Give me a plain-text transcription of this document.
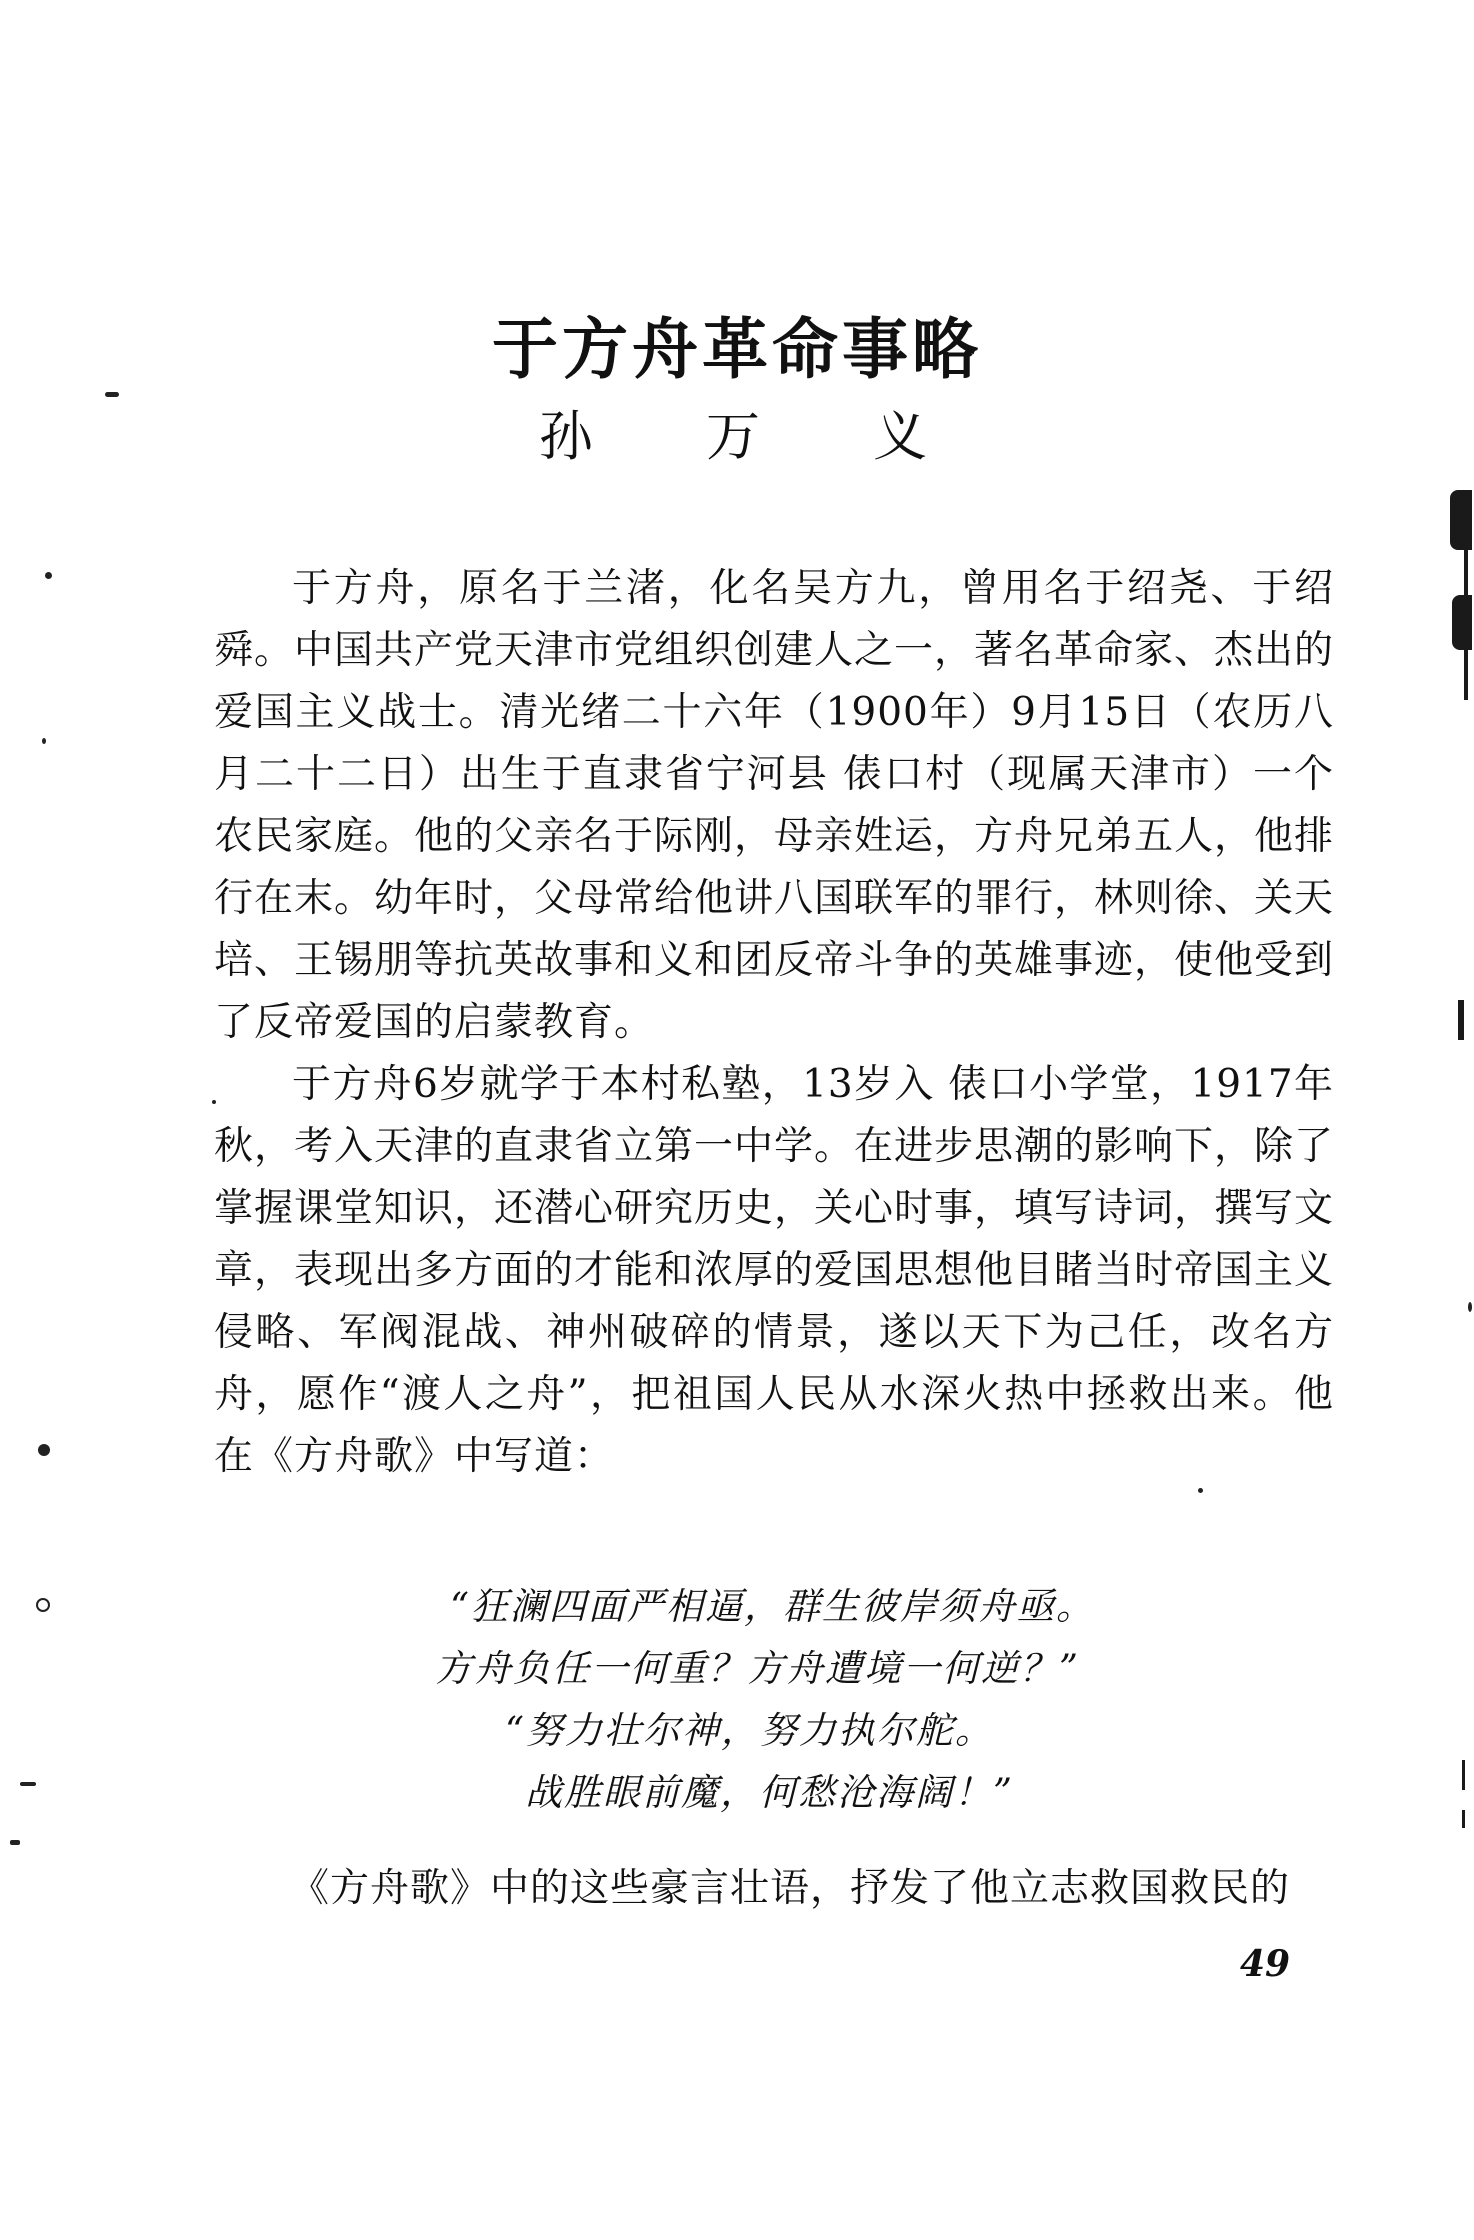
于方舟革命事略
孙 万 义

于方舟，原名于兰渚，化名吴方九，曾用名于绍尧、于绍舜。中国共产党天津市党组织创建人之一，著名革命家、杰出的爱国主义战士。清光绪二十六年（1900年）9月15日（农历八月二十二日）出生于直隶省宁河县 俵口村（现属天津市）一个农民家庭。他的父亲名于际刚，母亲姓运，方舟兄弟五人，他排行在末。幼年时，父母常给他讲八国联军的罪行，林则徐、关天培、王锡朋等抗英故事和义和团反帝斗争的英雄事迹，使他受到了反帝爱国的启蒙教育。

于方舟6岁就学于本村私塾，13岁入 俵口小学堂，1917年秋，考入天津的直隶省立第一中学。在进步思潮的影响下，除了掌握课堂知识，还潜心研究历史，关心时事，填写诗词，撰写文章，表现出多方面的才能和浓厚的爱国思想他目睹当时帝国主义侵略、军阀混战、神州破碎的情景，遂以天下为己任，改名方舟，愿作“渡人之舟”，把祖国人民从水深火热中拯救出来。他在《方舟歌》中写道：

“狂澜四面严相逼，群生彼岸须舟亟。
方舟负任一何重？方舟遭境一何逆？”
“努力壮尔神，努力执尔舵。
战胜眼前魔，何愁沧海阔！”
《方舟歌》中的这些豪言壮语，抒发了他立志救国救民的
49
